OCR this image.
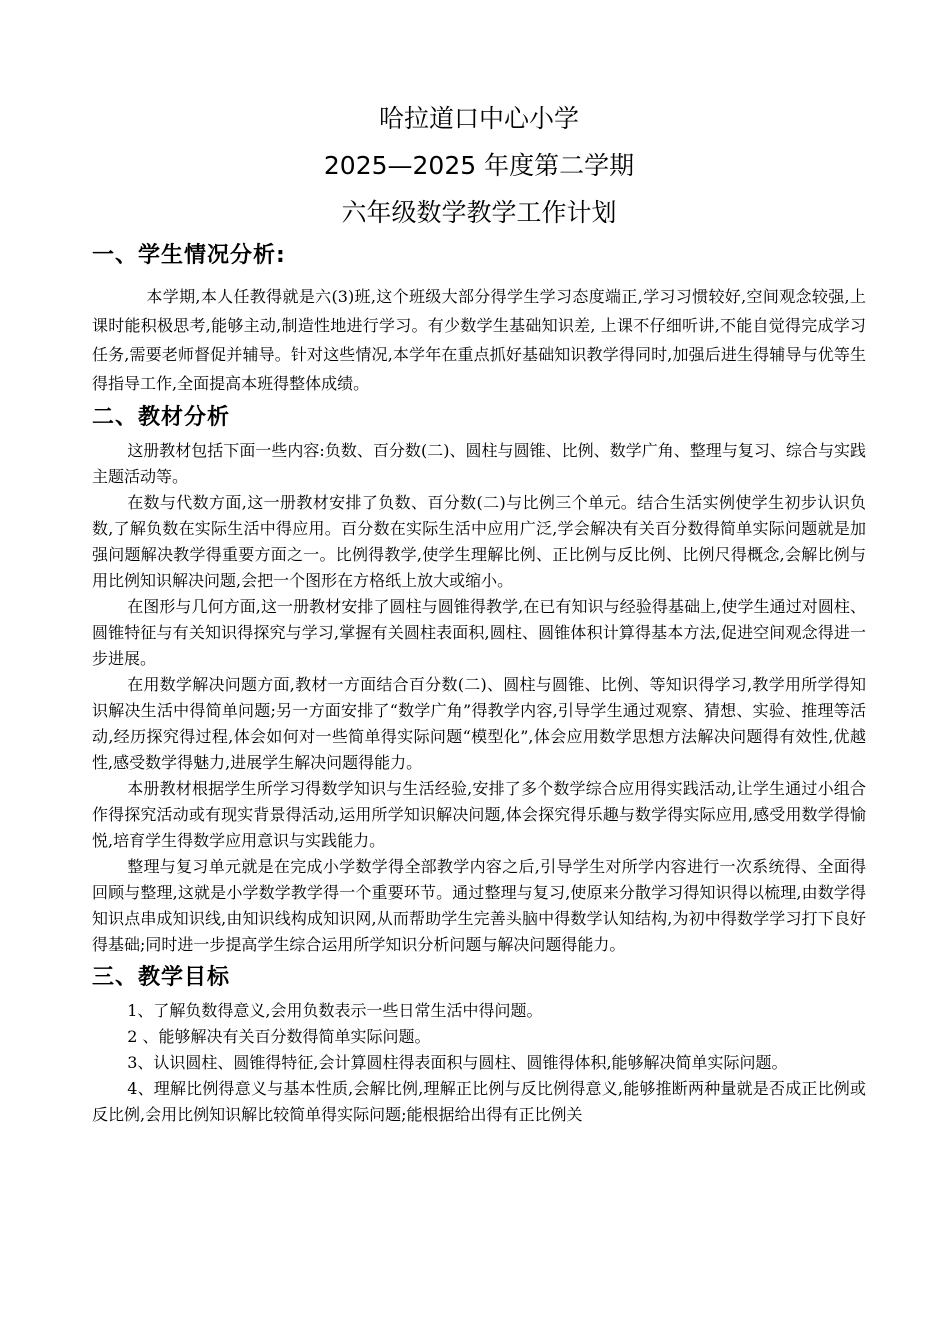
哈拉道口中心小学
2025—2025 年度第二学期
六年级数学教学工作计划
一、学生情况分析:

本学期,本人任教得就是六(3)班,这个班级大部分得学生学习态度端正,学习习惯较好,空间观念较强,上课时能积极思考,能够主动,制造性地进行学习。有少数学生基础知识差, 上课不仔细听讲,不能自觉得完成学习任务,需要老师督促并辅导。针对这些情况,本学年在重点抓好基础知识教学得同时,加强后进生得辅导与优等生得指导工作,全面提高本班得整体成绩。

二、教材分析

这册教材包括下面一些内容:负数、百分数(二)、圆柱与圆锥、比例、数学广角、整理与复习、综合与实践主题活动等。

在数与代数方面,这一册教材安排了负数、百分数(二)与比例三个单元。结合生活实例使学生初步认识负数,了解负数在实际生活中得应用。百分数在实际生活中应用广泛,学会解决有关百分数得简单实际问题就是加强问题解决教学得重要方面之一。比例得教学,使学生理解比例、正比例与反比例、比例尺得概念,会解比例与用比例知识解决问题,会把一个图形在方格纸上放大或缩小。

在图形与几何方面,这一册教材安排了圆柱与圆锥得教学,在已有知识与经验得基础上,使学生通过对圆柱、圆锥特征与有关知识得探究与学习,掌握有关圆柱表面积,圆柱、圆锥体积计算得基本方法,促进空间观念得进一步进展。

在用数学解决问题方面,教材一方面结合百分数(二)、圆柱与圆锥、比例、等知识得学习,教学用所学得知识解决生活中得简单问题;另一方面安排了“数学广角”得教学内容,引导学生通过观察、猜想、实验、推理等活动,经历探究得过程,体会如何对一些简单得实际问题“模型化”,体会应用数学思想方法解决问题得有效性,优越性,感受数学得魅力,进展学生解决问题得能力。

本册教材根据学生所学习得数学知识与生活经验,安排了多个数学综合应用得实践活动,让学生通过小组合作得探究活动或有现实背景得活动,运用所学知识解决问题,体会探究得乐趣与数学得实际应用,感受用数学得愉悦,培育学生得数学应用意识与实践能力。

整理与复习单元就是在完成小学数学得全部教学内容之后,引导学生对所学内容进行一次系统得、全面得回顾与整理,这就是小学数学教学得一个重要环节。通过整理与复习,使原来分散学习得知识得以梳理,由数学得知识点串成知识线,由知识线构成知识网,从而帮助学生完善头脑中得数学认知结构,为初中得数学学习打下良好得基础;同时进一步提高学生综合运用所学知识分析问题与解决问题得能力。

三、教学目标

1、了解负数得意义,会用负数表示一些日常生活中得问题。

2 、能够解决有关百分数得简单实际问题。

3、认识圆柱、圆锥得特征,会计算圆柱得表面积与圆柱、圆锥得体积,能够解决简单实际问题。

4、理解比例得意义与基本性质,会解比例,理解正比例与反比例得意义,能够推断两种量就是否成正比例或反比例,会用比例知识解比较简单得实际问题;能根据给出得有正比例关
